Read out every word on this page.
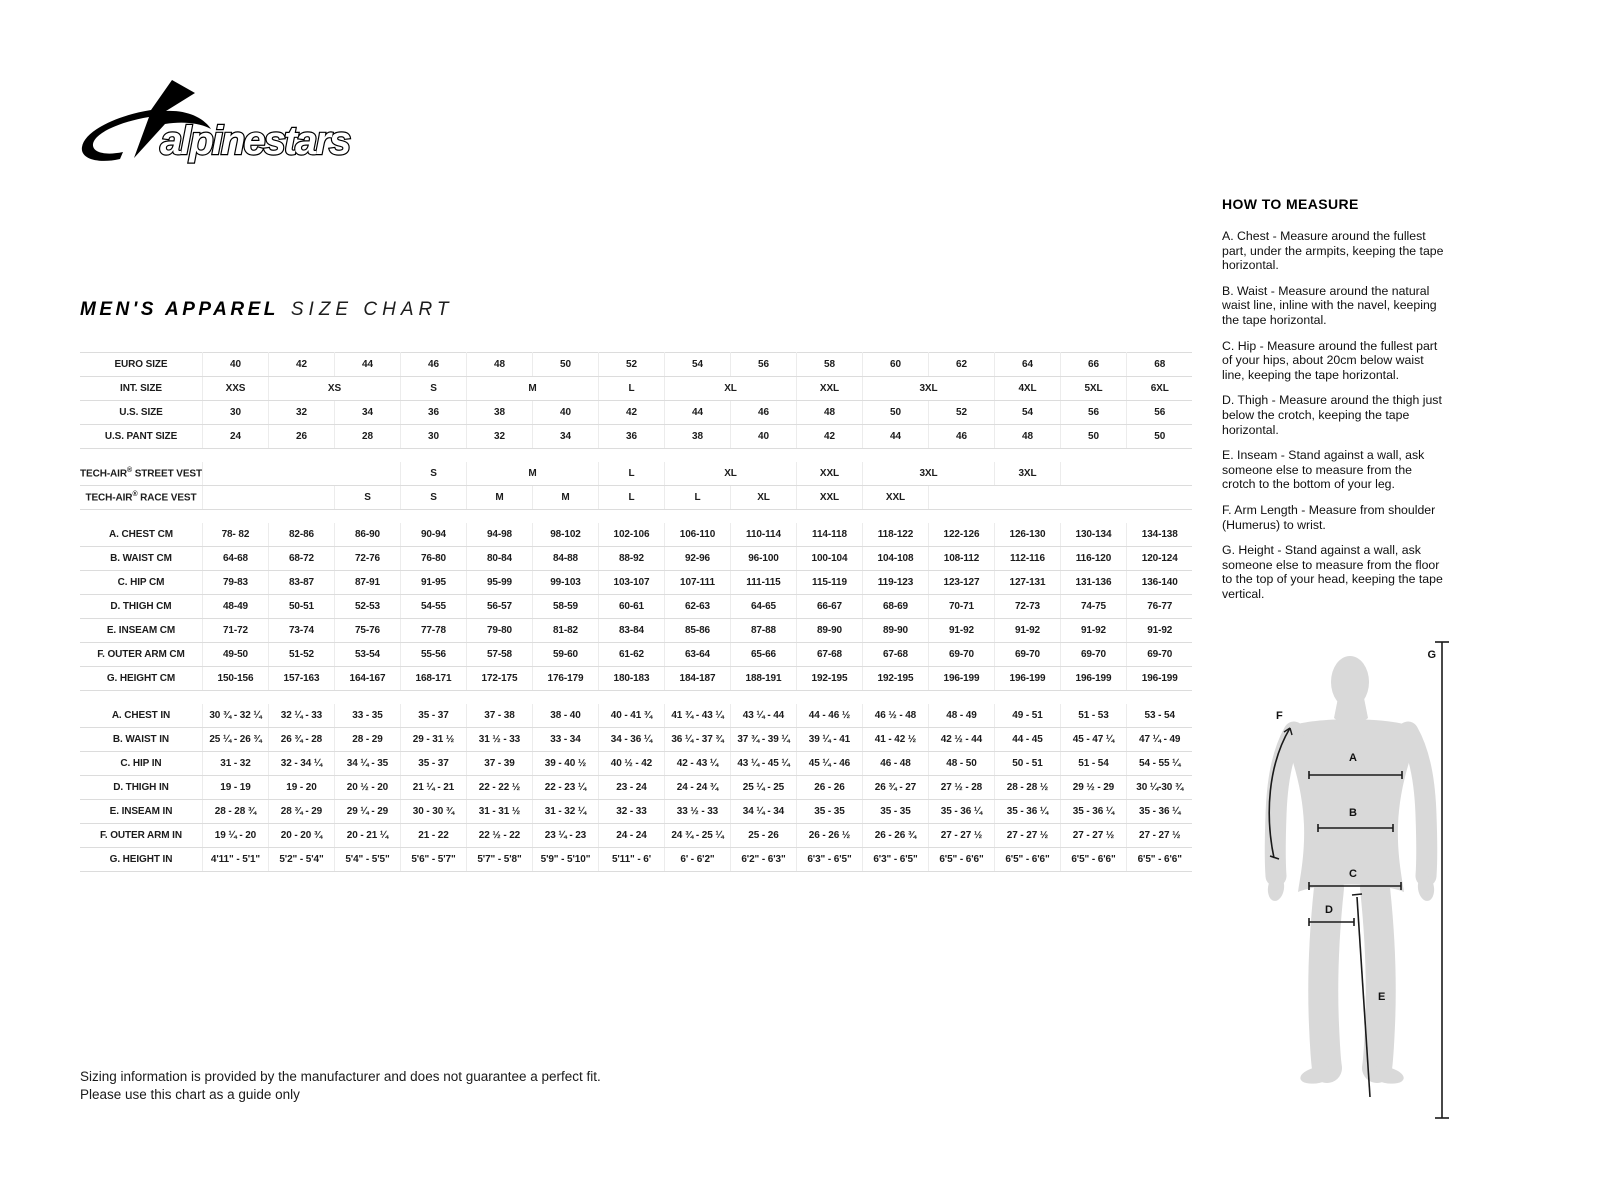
alpinestars
MEN'S APPAREL SIZE CHART
EURO SIZE	40	42	44	46	48	50	52	54	56	58	60	62	64	66	68
INT. SIZE	XXS	XS		S	M		L	XL		XXL	3XL		4XL	5XL	6XL
U.S. SIZE	30	32	34	36	38	40	42	44	46	48	50	52	54	56	56
U.S. PANT SIZE	24	26	28	30	32	34	36	38	40	42	44	46	48	50	50

TECH-AIR® STREET VEST				S	M		L	XL		XXL	3XL		3XL		
TECH-AIR® RACE VEST			S	S	M	M	L	L	XL	XXL	XXL				

A. CHEST CM	78- 82	82-86	86-90	90-94	94-98	98-102	102-106	106-110	110-114	114-118	118-122	122-126	126-130	130-134	134-138
B. WAIST CM	64-68	68-72	72-76	76-80	80-84	84-88	88-92	92-96	96-100	100-104	104-108	108-112	112-116	116-120	120-124
C. HIP CM	79-83	83-87	87-91	91-95	95-99	99-103	103-107	107-111	111-115	115-119	119-123	123-127	127-131	131-136	136-140
D. THIGH CM	48-49	50-51	52-53	54-55	56-57	58-59	60-61	62-63	64-65	66-67	68-69	70-71	72-73	74-75	76-77
E. INSEAM CM	71-72	73-74	75-76	77-78	79-80	81-82	83-84	85-86	87-88	89-90	89-90	91-92	91-92	91-92	91-92
F. OUTER ARM CM	49-50	51-52	53-54	55-56	57-58	59-60	61-62	63-64	65-66	67-68	67-68	69-70	69-70	69-70	69-70
G. HEIGHT CM	150-156	157-163	164-167	168-171	172-175	176-179	180-183	184-187	188-191	192-195	192-195	196-199	196-199	196-199	196-199

A. CHEST IN	30 ¾ - 32 ¼	32 ¼ - 33	33 - 35	35 - 37	37 - 38	38 - 40	40 - 41 ¾	41 ¾ - 43 ¼	43 ¼ - 44	44 - 46 ½	46 ½ - 48	48 - 49	49 - 51	51 - 53	53 - 54
B. WAIST IN	25 ¼ - 26 ¾	26 ¾ - 28	28 - 29	29 - 31 ½	31 ½ - 33	33 - 34	34 - 36 ¼	36 ¼ - 37 ¾	37 ¾ - 39 ¼	39 ¼ - 41	41 - 42 ½	42 ½ - 44	44 - 45	45 - 47 ¼	47 ¼ - 49
C. HIP IN	31 - 32	32 - 34 ¼	34 ¼ - 35	35 - 37	37 - 39	39 - 40 ½	40 ½ - 42	42 - 43 ¼	43 ¼ - 45 ¼	45 ¼ - 46	46 - 48	48 - 50	50 - 51	51 - 54	54 - 55 ¼
D. THIGH IN	19 - 19	19 - 20	20 ½ - 20	21 ¼ - 21	22 - 22 ½	22 - 23 ¼	23 - 24	24 - 24 ¾	25 ¼ - 25	26 - 26	26 ¾ - 27	27 ½ - 28	28 - 28 ½	29 ½ - 29	30 ¼-30 ¾
E. INSEAM IN	28 - 28 ¾	28 ¾ - 29	29 ¼ - 29	30 - 30 ¾	31 - 31 ½	31 - 32 ¼	32 - 33	33 ½ - 33	34 ¼ - 34	35 - 35	35 - 35	35 - 36 ¼	35 - 36 ¼	35 - 36 ¼	35 - 36 ¼
F. OUTER ARM IN	19 ¼ - 20	20 - 20 ¾	20 - 21 ¼	21 - 22	22 ½ - 22	23 ¼ - 23	24 - 24	24 ¾ - 25 ¼	25 - 26	26 - 26 ½	26 - 26 ¾	27 - 27 ½	27 - 27 ½	27 - 27 ½	27 - 27 ½
G. HEIGHT IN	4'11" - 5'1"	5'2" - 5'4"	5'4" - 5'5"	5'6" - 5'7"	5'7" - 5'8"	5'9" - 5'10"	5'11" - 6'	6' - 6'2"	6'2" - 6'3"	6'3" - 6'5"	6'3" - 6'5"	6'5" - 6'6"	6'5" - 6'6"	6'5" - 6'6"	6'5" - 6'6"
HOW TO MEASURE

A. Chest - Measure around the fullest part, under the armpits, keeping the tape horizontal.

B. Waist - Measure around the natural waist line, inline with the navel, keeping the tape horizontal.

C. Hip - Measure around the fullest part of your hips, about 20cm below waist line, keeping the tape horizontal.

D. Thigh - Measure around the thigh just below the crotch, keeping the tape horizontal.

E. Inseam - Stand against a wall, ask someone else to measure from the crotch to the bottom of your leg.

F. Arm Length - Measure from shoulder (Humerus) to wrist.

G. Height - Stand against a wall, ask someone else to measure from the floor to the top of your head, keeping the tape vertical.

A
B
C
D
E
F
G

Sizing information is provided by the manufacturer and does not guarantee a perfect fit.

Please use this chart as a guide only
